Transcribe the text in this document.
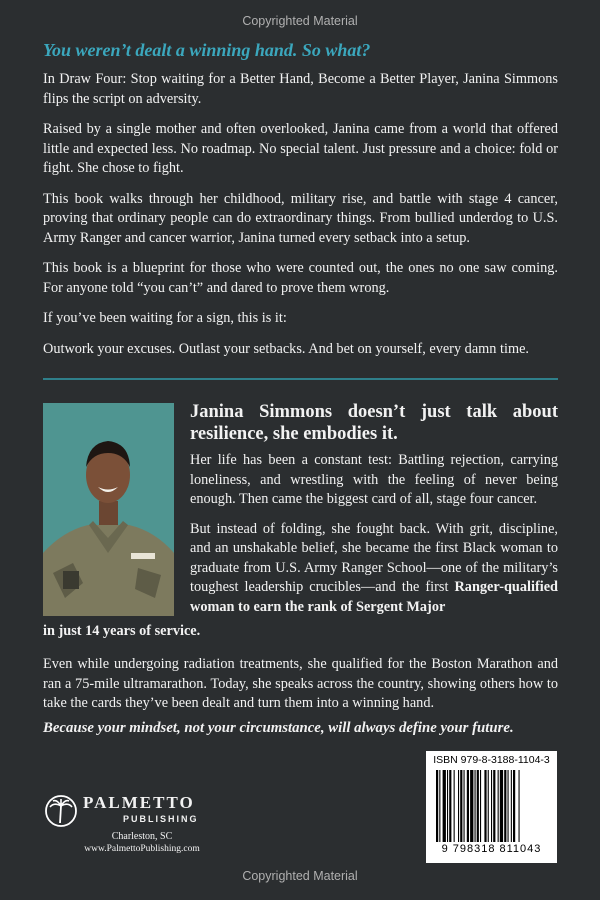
Copyrighted Material
You weren’t dealt a winning hand. So what?

In Draw Four: Stop waiting for a Better Hand, Become a Better Player, Janina Simmons flips the script on adversity.

Raised by a single mother and often overlooked, Janina came from a world that offered little and expected less. No roadmap. No special talent. Just pressure and a choice: fold or fight. She chose to fight.

This book walks through her childhood, military rise, and battle with stage 4 cancer, proving that ordinary people can do extraordinary things. From bullied underdog to U.S. Army Ranger and cancer warrior, Janina turned every setback into a setup.

This book is a blueprint for those who were counted out, the ones no one saw coming. For anyone told “you can’t” and dared to prove them wrong.

If you’ve been waiting for a sign, this is it:

Outwork your excuses. Outlast your setbacks. And bet on yourself, every damn time.

Janina Simmons doesn’t just talk about resilience, she embodies it.

Her life has been a constant test: Battling rejection, carrying loneliness, and wrestling with the feeling of never being enough. Then came the biggest card of all, stage four cancer.

But instead of folding, she fought back. With grit, discipline, and an unshakable belief, she became the first Black woman to graduate from U.S. Army Ranger School—one of the military’s toughest leadership crucibles—and the first Ranger-qualified woman to earn the rank of Sergent Major

in just 14 years of service.

Even while undergoing radiation treatments, she qualified for the Boston Marathon and ran a 75-mile ultramarathon. Today, she speaks across the country, showing others how to take the cards they’ve been dealt and turn them into a winning hand.

Because your mindset, not your circumstance, will always define your future.

PALMETTO
PUBLISHING
Charleston, SC
www.PalmettoPublishing.com
ISBN 979-8-3188-1104-3
9 798318 811043
Copyrighted Material
